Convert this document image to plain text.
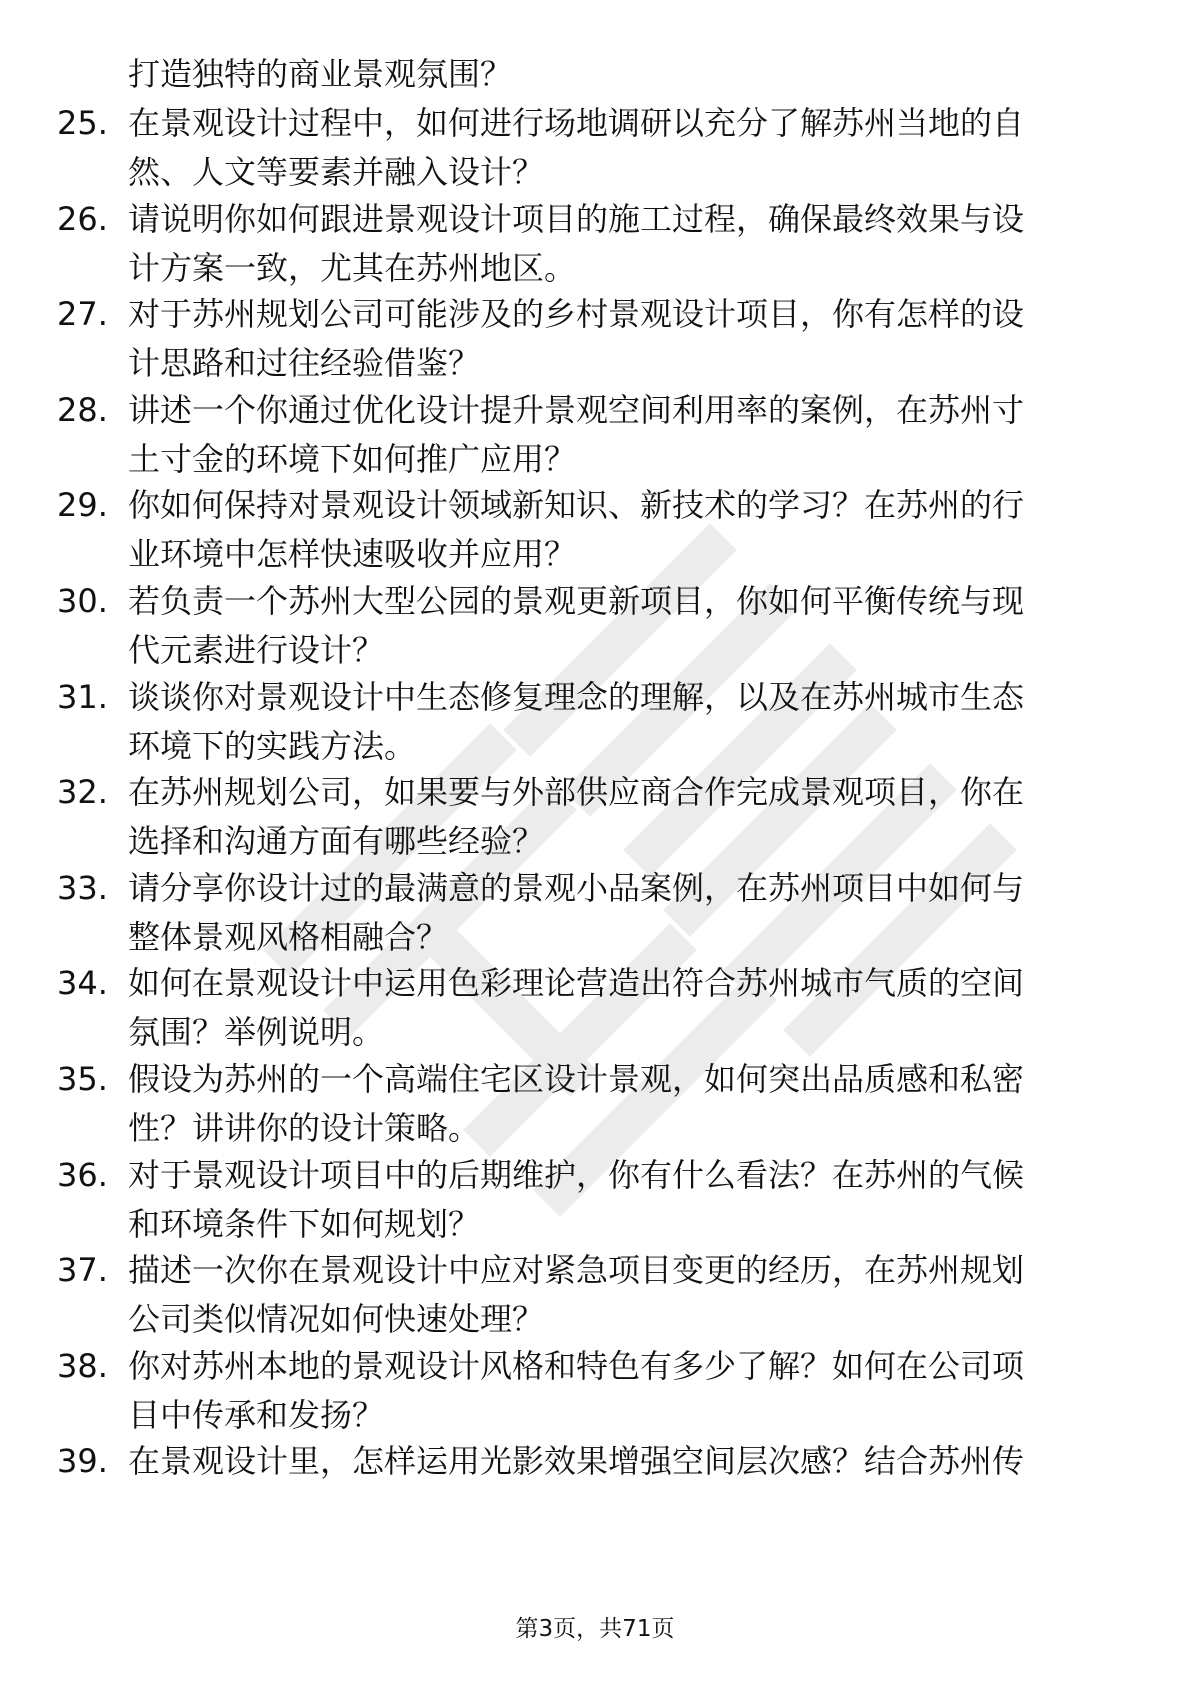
打造独特的商业景观氛围？
25. 在景观设计过程中，如何进行场地调研以充分了解苏州当地的自
然、人文等要素并融入设计？
26. 请说明你如何跟进景观设计项目的施工过程，确保最终效果与设
计方案一致，尤其在苏州地区。
27. 对于苏州规划公司可能涉及的乡村景观设计项目，你有怎样的设
计思路和过往经验借鉴？
28. 讲述一个你通过优化设计提升景观空间利用率的案例，在苏州寸
土寸金的环境下如何推广应用？
29. 你如何保持对景观设计领域新知识、新技术的学习？在苏州的行
业环境中怎样快速吸收并应用？
30. 若负责一个苏州大型公园的景观更新项目，你如何平衡传统与现
代元素进行设计？
31. 谈谈你对景观设计中生态修复理念的理解，以及在苏州城市生态
环境下的实践方法。
32. 在苏州规划公司，如果要与外部供应商合作完成景观项目，你在
选择和沟通方面有哪些经验？
33. 请分享你设计过的最满意的景观小品案例，在苏州项目中如何与
整体景观风格相融合？
34. 如何在景观设计中运用色彩理论营造出符合苏州城市气质的空间
氛围？举例说明。
35. 假设为苏州的一个高端住宅区设计景观，如何突出品质感和私密
性？讲讲你的设计策略。
36. 对于景观设计项目中的后期维护，你有什么看法？在苏州的气候
和环境条件下如何规划？
37. 描述一次你在景观设计中应对紧急项目变更的经历，在苏州规划
公司类似情况如何快速处理？
38. 你对苏州本地的景观设计风格和特色有多少了解？如何在公司项
目中传承和发扬？
39. 在景观设计里，怎样运用光影效果增强空间层次感？结合苏州传
第3页，共71页
